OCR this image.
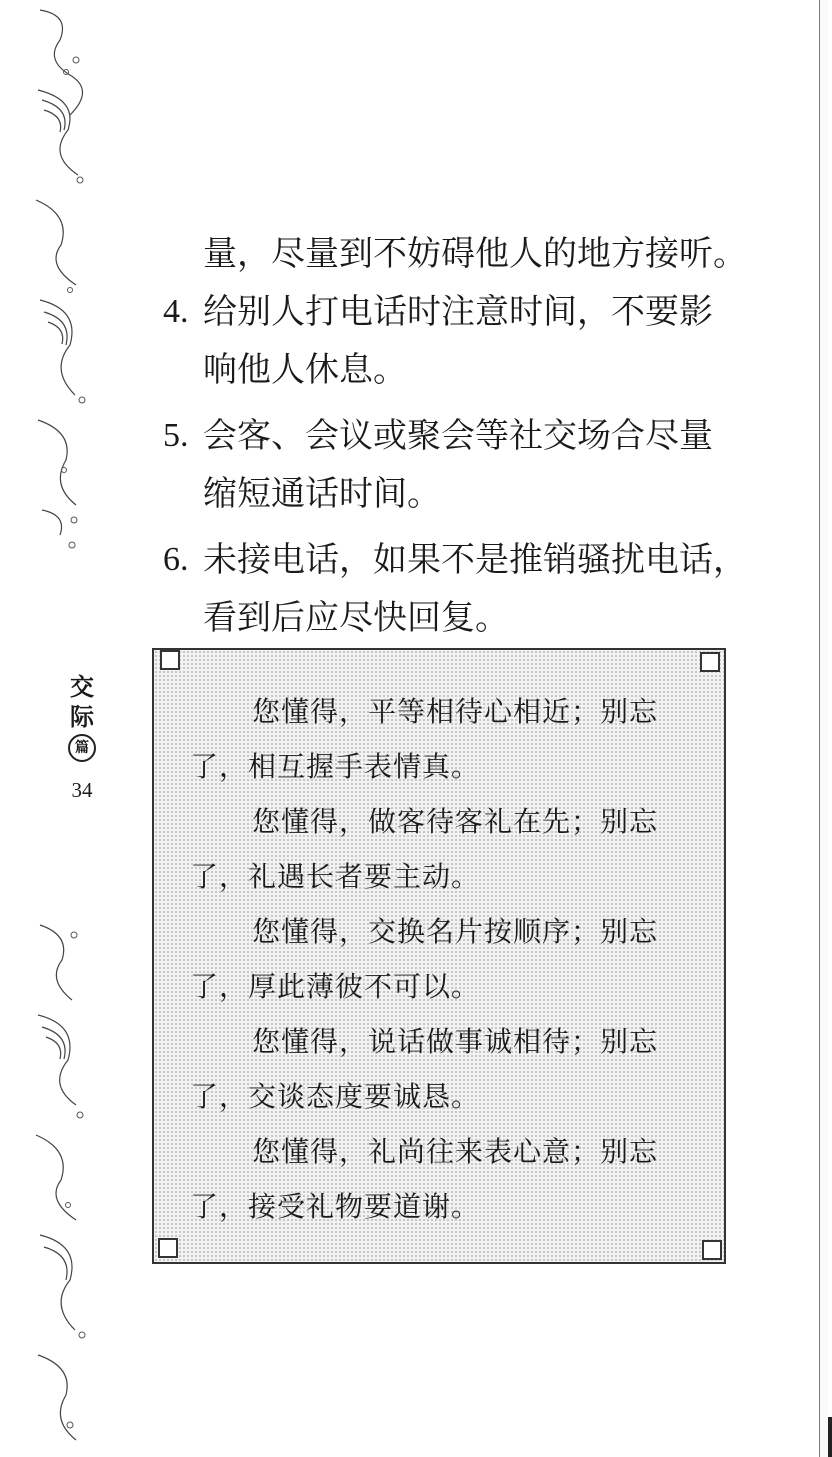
交
际
篇
34
量，尽量到不妨碍他人的地方接听。
4. 给别人打电话时注意时间，不要影
响他人休息。
5. 会客、会议或聚会等社交场合尽量
缩短通话时间。
6. 未接电话，如果不是推销骚扰电话，
看到后应尽快回复。
您懂得，平等相待心相近；别忘
了，相互握手表情真。
您懂得，做客待客礼在先；别忘
了，礼遇长者要主动。
您懂得，交换名片按顺序；别忘
了，厚此薄彼不可以。
您懂得，说话做事诚相待；别忘
了，交谈态度要诚恳。
您懂得，礼尚往来表心意；别忘
了，接受礼物要道谢。
